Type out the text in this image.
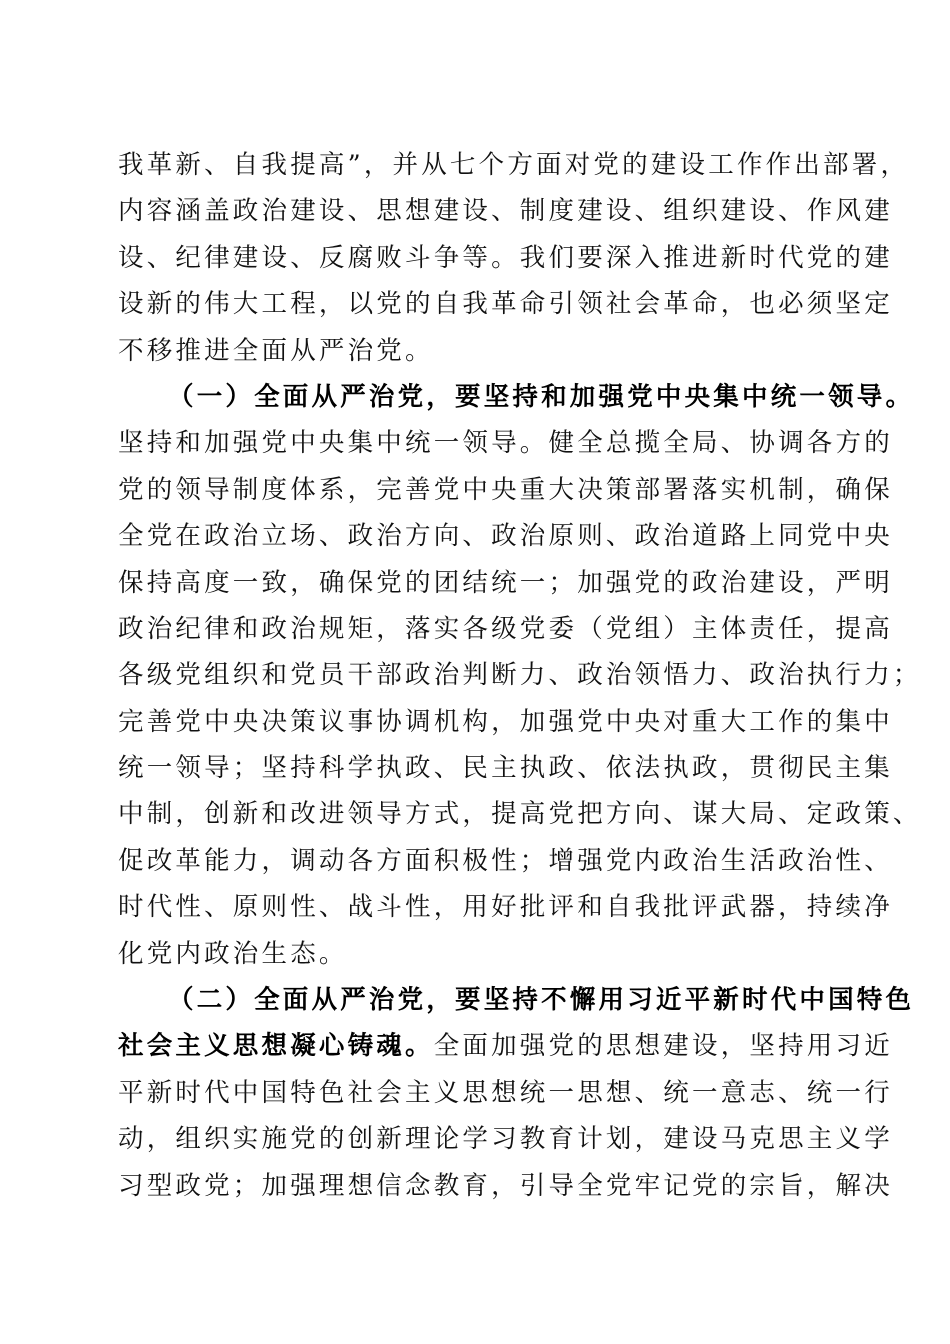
我革新、自我提高”，并从七个方面对党的建设工作作出部署，
内容涵盖政治建设、思想建设、制度建设、组织建设、作风建
设、纪律建设、反腐败斗争等。我们要深入推进新时代党的建
设新的伟大工程，以党的自我革命引领社会革命，也必须坚定
不移推进全面从严治党。
（一）全面从严治党，要坚持和加强党中央集中统一领导。
坚持和加强党中央集中统一领导。健全总揽全局、协调各方的
党的领导制度体系，完善党中央重大决策部署落实机制，确保
全党在政治立场、政治方向、政治原则、政治道路上同党中央
保持高度一致，确保党的团结统一；加强党的政治建设，严明
政治纪律和政治规矩，落实各级党委（党组）主体责任，提高
各级党组织和党员干部政治判断力、政治领悟力、政治执行力；
完善党中央决策议事协调机构，加强党中央对重大工作的集中
统一领导；坚持科学执政、民主执政、依法执政，贯彻民主集
中制，创新和改进领导方式，提高党把方向、谋大局、定政策、
促改革能力，调动各方面积极性；增强党内政治生活政治性、
时代性、原则性、战斗性，用好批评和自我批评武器，持续净
化党内政治生态。
（二）全面从严治党，要坚持不懈用习近平新时代中国特色
社会主义思想凝心铸魂。全面加强党的思想建设，坚持用习近
平新时代中国特色社会主义思想统一思想、统一意志、统一行
动，组织实施党的创新理论学习教育计划，建设马克思主义学
习型政党；加强理想信念教育，引导全党牢记党的宗旨，解决
